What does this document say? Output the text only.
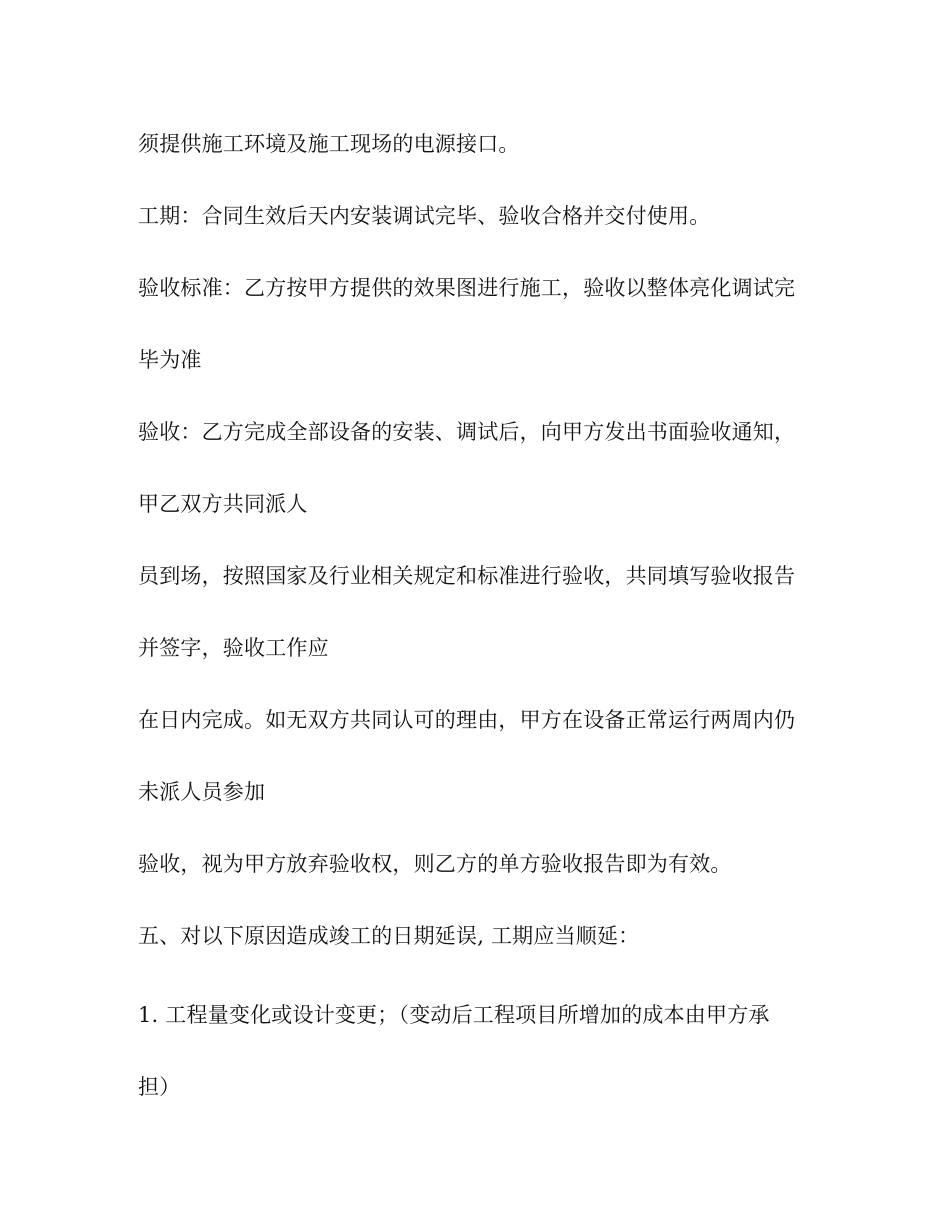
须提供施工环境及施工现场的电源接口。
工期：合同生效后天内安装调试完毕、验收合格并交付使用。
验收标准：乙方按甲方提供的效果图进行施工，验收以整体亮化调试完
毕为准
验收：乙方完成全部设备的安装、调试后，向甲方发出书面验收通知，
甲乙双方共同派人
员到场，按照国家及行业相关规定和标准进行验收，共同填写验收报告
并签字，验收工作应
在日内完成。如无双方共同认可的理由，甲方在设备正常运行两周内仍
未派人员参加
验收，视为甲方放弃验收权，则乙方的单方验收报告即为有效。
五、对以下原因造成竣工的日期延误, 工期应当顺延：
1. 工程量变化或设计变更；（变动后工程项目所增加的成本由甲方承
担）
